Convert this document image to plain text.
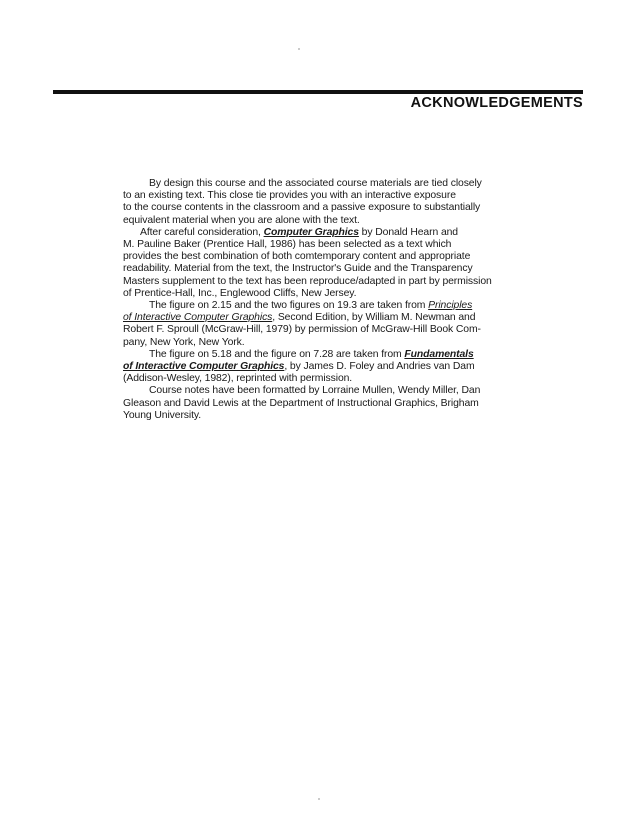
ACKNOWLEDGEMENTS
By design this course and the associated course materials are tied closely
to an existing text. This close tie provides you with an interactive exposure
to the course contents in the classroom and a passive exposure to substantially
equivalent material when you are alone with the text.
After careful consideration, Computer Graphics by Donald Hearn and
M. Pauline Baker (Prentice Hall, 1986) has been selected as a text which
provides the best combination of both comtemporary content and appropriate
readability. Material from the text, the Instructor's Guide and the Transparency
Masters supplement to the text has been reproduce/adapted in part by permission
of Prentice-Hall, Inc., Englewood Cliffs, New Jersey.
The figure on 2.15 and the two figures on 19.3 are taken from Principles
of Interactive Computer Graphics, Second Edition, by William M. Newman and
Robert F. Sproull (McGraw-Hill, 1979) by permission of McGraw-Hill Book Com-
pany, New York, New York.
The figure on 5.18 and the figure on 7.28 are taken from Fundamentals
of Interactive Computer Graphics, by James D. Foley and Andries van Dam
(Addison-Wesley, 1982), reprinted with permission.
Course notes have been formatted by Lorraine Mullen, Wendy Miller, Dan
Gleason and David Lewis at the Department of Instructional Graphics, Brigham
Young University.
